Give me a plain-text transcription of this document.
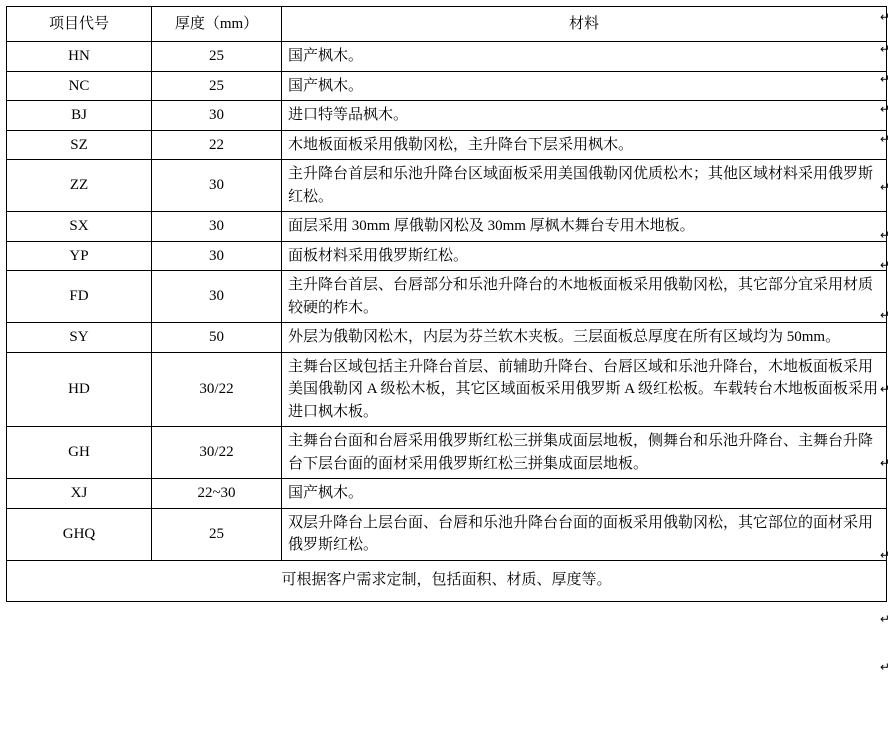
项目代号	厚度（mm）	材料
HN	25	国产枫木。
NC	25	国产枫木。
BJ	30	进口特等品枫木。
SZ	22	木地板面板采用俄勒冈松，主升降台下层采用枫木。
ZZ	30	主升降台首层和乐池升降台区域面板采用美国俄勒冈优质松木；其他区域材料采用俄罗斯红松。
SX	30	面层采用 30mm 厚俄勒冈松及 30mm 厚枫木舞台专用木地板。
YP	30	面板材料采用俄罗斯红松。
FD	30	主升降台首层、台唇部分和乐池升降台的木地板面板采用俄勒冈松，其它部分宜采用材质较硬的柞木。
SY	50	外层为俄勒冈松木，内层为芬兰软木夹板。三层面板总厚度在所有区域均为 50mm。
HD	30/22	主舞台区域包括主升降台首层、前辅助升降台、台唇区域和乐池升降台，木地板面板采用美国俄勒冈 A 级松木板，其它区域面板采用俄罗斯 A 级红松板。车载转台木地板面板采用进口枫木板。
GH	30/22	主舞台台面和台唇采用俄罗斯红松三拼集成面层地板，侧舞台和乐池升降台、主舞台升降台下层台面的面材采用俄罗斯红松三拼集成面层地板。
XJ	22~30	国产枫木。
GHQ	25	双层升降台上层台面、台唇和乐池升降台台面的面板采用俄勒冈松，其它部位的面材采用俄罗斯红松。
可根据客户需求定制，包括面积、材质、厚度等。		
↵
↵
↵
↵
↵
↵
↵
↵
↵
↵
↵
↵
↵
↵
